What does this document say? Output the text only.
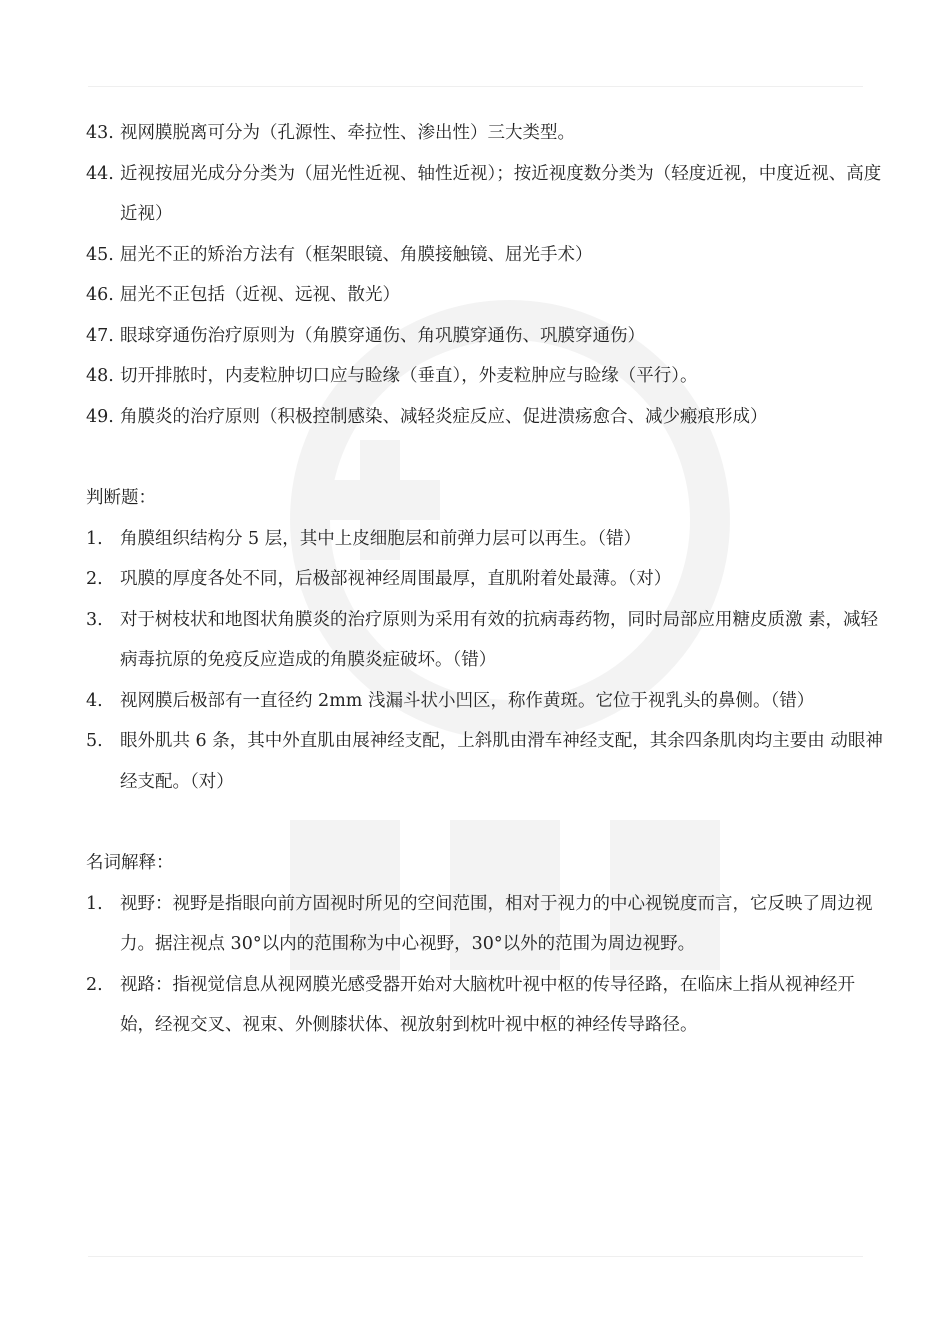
43. 视网膜脱离可分为（孔源性、牵拉性、渗出性）三大类型。
44. 近视按屈光成分分类为（屈光性近视、轴性近视）；按近视度数分类为（轻度近视，中度近视、高度近视）
45. 屈光不正的矫治方法有（框架眼镜、角膜接触镜、屈光手术）
46. 屈光不正包括（近视、远视、散光）
47. 眼球穿通伤治疗原则为（角膜穿通伤、角巩膜穿通伤、巩膜穿通伤）
48. 切开排脓时，内麦粒肿切口应与睑缘（垂直），外麦粒肿应与睑缘（平行）。
49. 角膜炎的治疗原则（积极控制感染、减轻炎症反应、促进溃疡愈合、减少瘢痕形成）
判断题：
1. 角膜组织结构分 5 层，其中上皮细胞层和前弹力层可以再生。（错）
2. 巩膜的厚度各处不同，后极部视神经周围最厚，直肌附着处最薄。（对）
3. 对于树枝状和地图状角膜炎的治疗原则为采用有效的抗病毒药物，同时局部应用糖皮质激 素，减轻病毒抗原的免疫反应造成的角膜炎症破坏。（错）
4. 视网膜后极部有一直径约 2mm 浅漏斗状小凹区，称作黄斑。它位于视乳头的鼻侧。（错）
5. 眼外肌共 6 条，其中外直肌由展神经支配，上斜肌由滑车神经支配，其余四条肌肉均主要由 动眼神经支配。（对）
名词解释：
1. 视野：视野是指眼向前方固视时所见的空间范围，相对于视力的中心视锐度而言，它反映了周边视力。据注视点 30°以内的范围称为中心视野，30°以外的范围为周边视野。
2. 视路：指视觉信息从视网膜光感受器开始对大脑枕叶视中枢的传导径路，在临床上指从视神经开始，经视交叉、视束、外侧膝状体、视放射到枕叶视中枢的神经传导路径。
